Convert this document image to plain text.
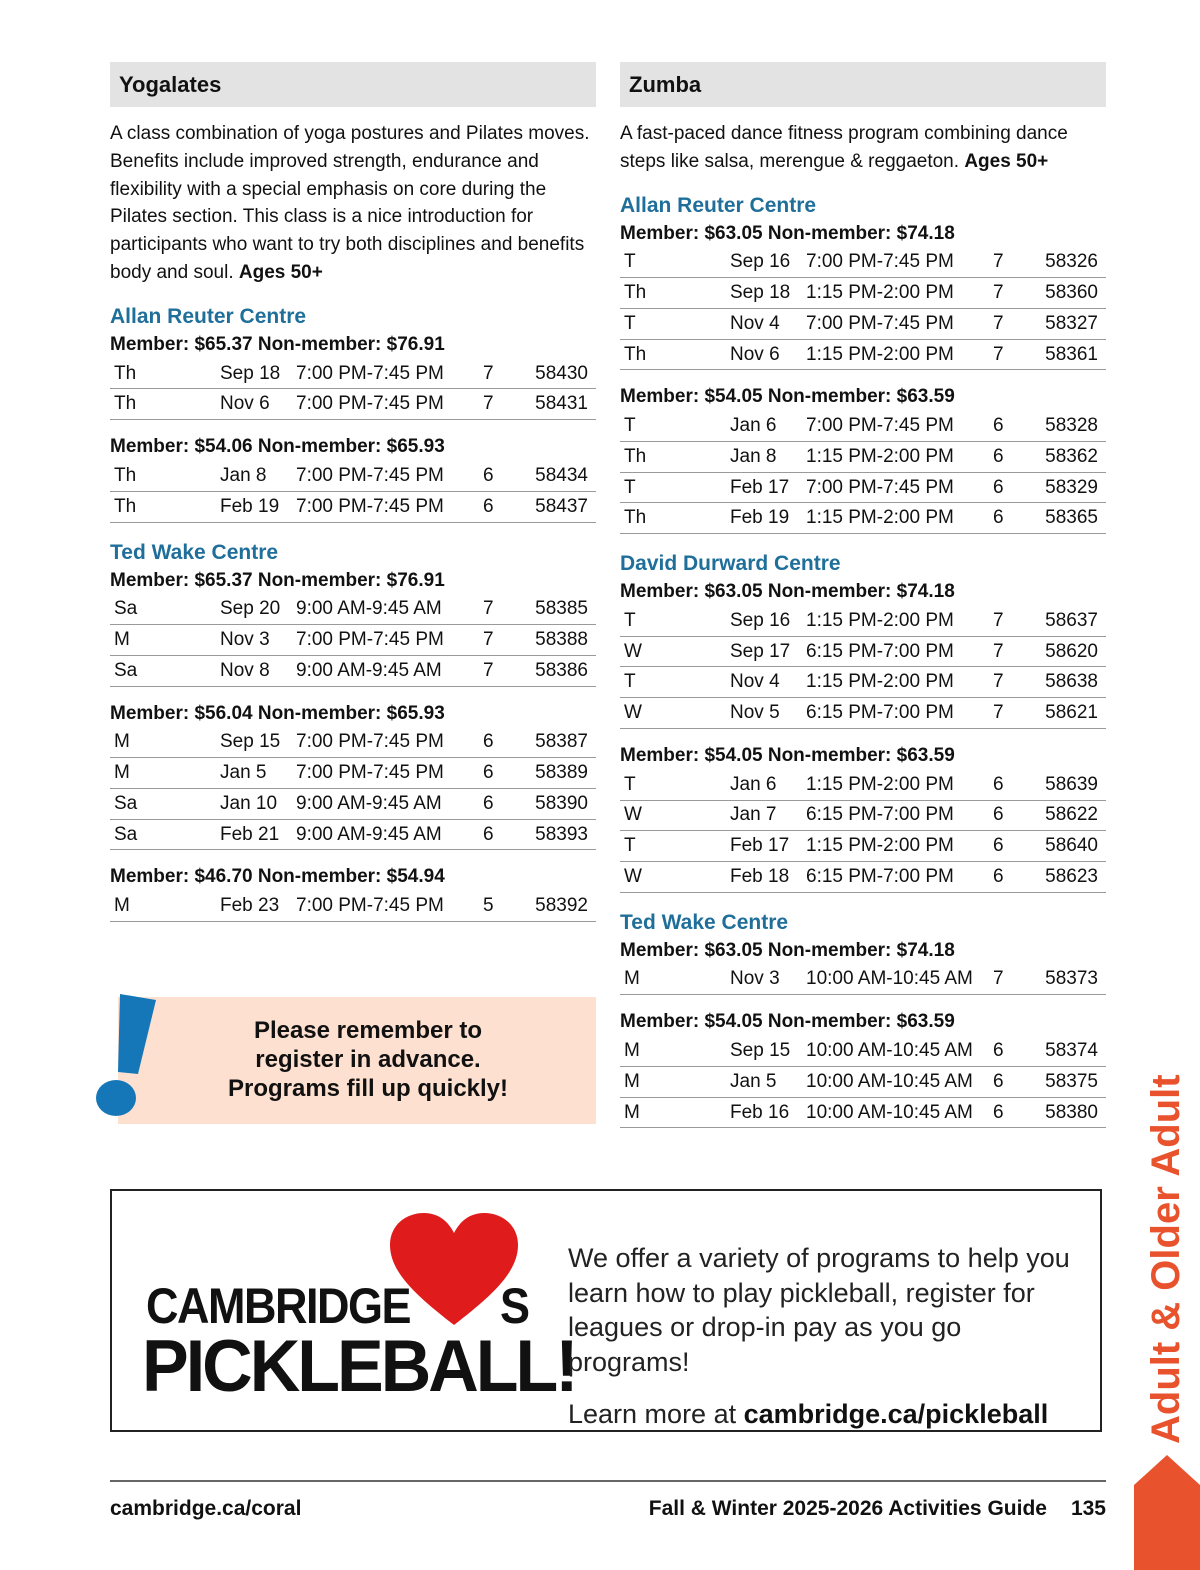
Yogalates

A class combination of yoga postures and Pilates moves. Benefits include improved strength, endurance and flexibility with a special emphasis on core during the Pilates section. This class is a nice introduction for participants who want to try both disciplines and benefits body and soul. Ages 50+

Allan Reuter Centre
Member: $65.37 Non-member: $76.91
Th	Sep 18	7:00 PM-7:45 PM	7	58430
Th	Nov 6	7:00 PM-7:45 PM	7	58431
Member: $54.06 Non-member: $65.93
Th	Jan 8	7:00 PM-7:45 PM	6	58434
Th	Feb 19	7:00 PM-7:45 PM	6	58437
Ted Wake Centre
Member: $65.37 Non-member: $76.91
Sa	Sep 20	9:00 AM-9:45 AM	7	58385
M	Nov 3	7:00 PM-7:45 PM	7	58388
Sa	Nov 8	9:00 AM-9:45 AM	7	58386
Member: $56.04 Non-member: $65.93
M	Sep 15	7:00 PM-7:45 PM	6	58387
M	Jan 5	7:00 PM-7:45 PM	6	58389
Sa	Jan 10	9:00 AM-9:45 AM	6	58390
Sa	Feb 21	9:00 AM-9:45 AM	6	58393
Member: $46.70 Non-member: $54.94
M	Feb 23	7:00 PM-7:45 PM	5	58392
Zumba

A fast-paced dance fitness program combining dance steps like salsa, merengue & reggaeton. Ages 50+

Allan Reuter Centre
Member: $63.05 Non-member: $74.18
T	Sep 16	7:00 PM-7:45 PM	7	58326
Th	Sep 18	1:15 PM-2:00 PM	7	58360
T	Nov 4	7:00 PM-7:45 PM	7	58327
Th	Nov 6	1:15 PM-2:00 PM	7	58361
Member: $54.05 Non-member: $63.59
T	Jan 6	7:00 PM-7:45 PM	6	58328
Th	Jan 8	1:15 PM-2:00 PM	6	58362
T	Feb 17	7:00 PM-7:45 PM	6	58329
Th	Feb 19	1:15 PM-2:00 PM	6	58365
David Durward Centre
Member: $63.05 Non-member: $74.18
T	Sep 16	1:15 PM-2:00 PM	7	58637
W	Sep 17	6:15 PM-7:00 PM	7	58620
T	Nov 4	1:15 PM-2:00 PM	7	58638
W	Nov 5	6:15 PM-7:00 PM	7	58621
Member: $54.05 Non-member: $63.59
T	Jan 6	1:15 PM-2:00 PM	6	58639
W	Jan 7	6:15 PM-7:00 PM	6	58622
T	Feb 17	1:15 PM-2:00 PM	6	58640
W	Feb 18	6:15 PM-7:00 PM	6	58623
Ted Wake Centre
Member: $63.05 Non-member: $74.18
M	Nov 3	10:00 AM-10:45 AM	7	58373
Member: $54.05 Non-member: $63.59
M	Sep 15	10:00 AM-10:45 AM	6	58374
M	Jan 5	10:00 AM-10:45 AM	6	58375
M	Feb 16	10:00 AM-10:45 AM	6	58380
Please remember to
register in advance.
Programs fill up quickly!
CAMBRIDGE S
PICKLEBALL!
We offer a variety of programs to help you learn how to play pickleball, register for leagues or drop-in pay as you go programs!
Learn more at cambridge.ca/pickleball	Adult & Older Adult
cambridge.ca/coral	Fall & Winter 2025-2026 Activities Guide 135
